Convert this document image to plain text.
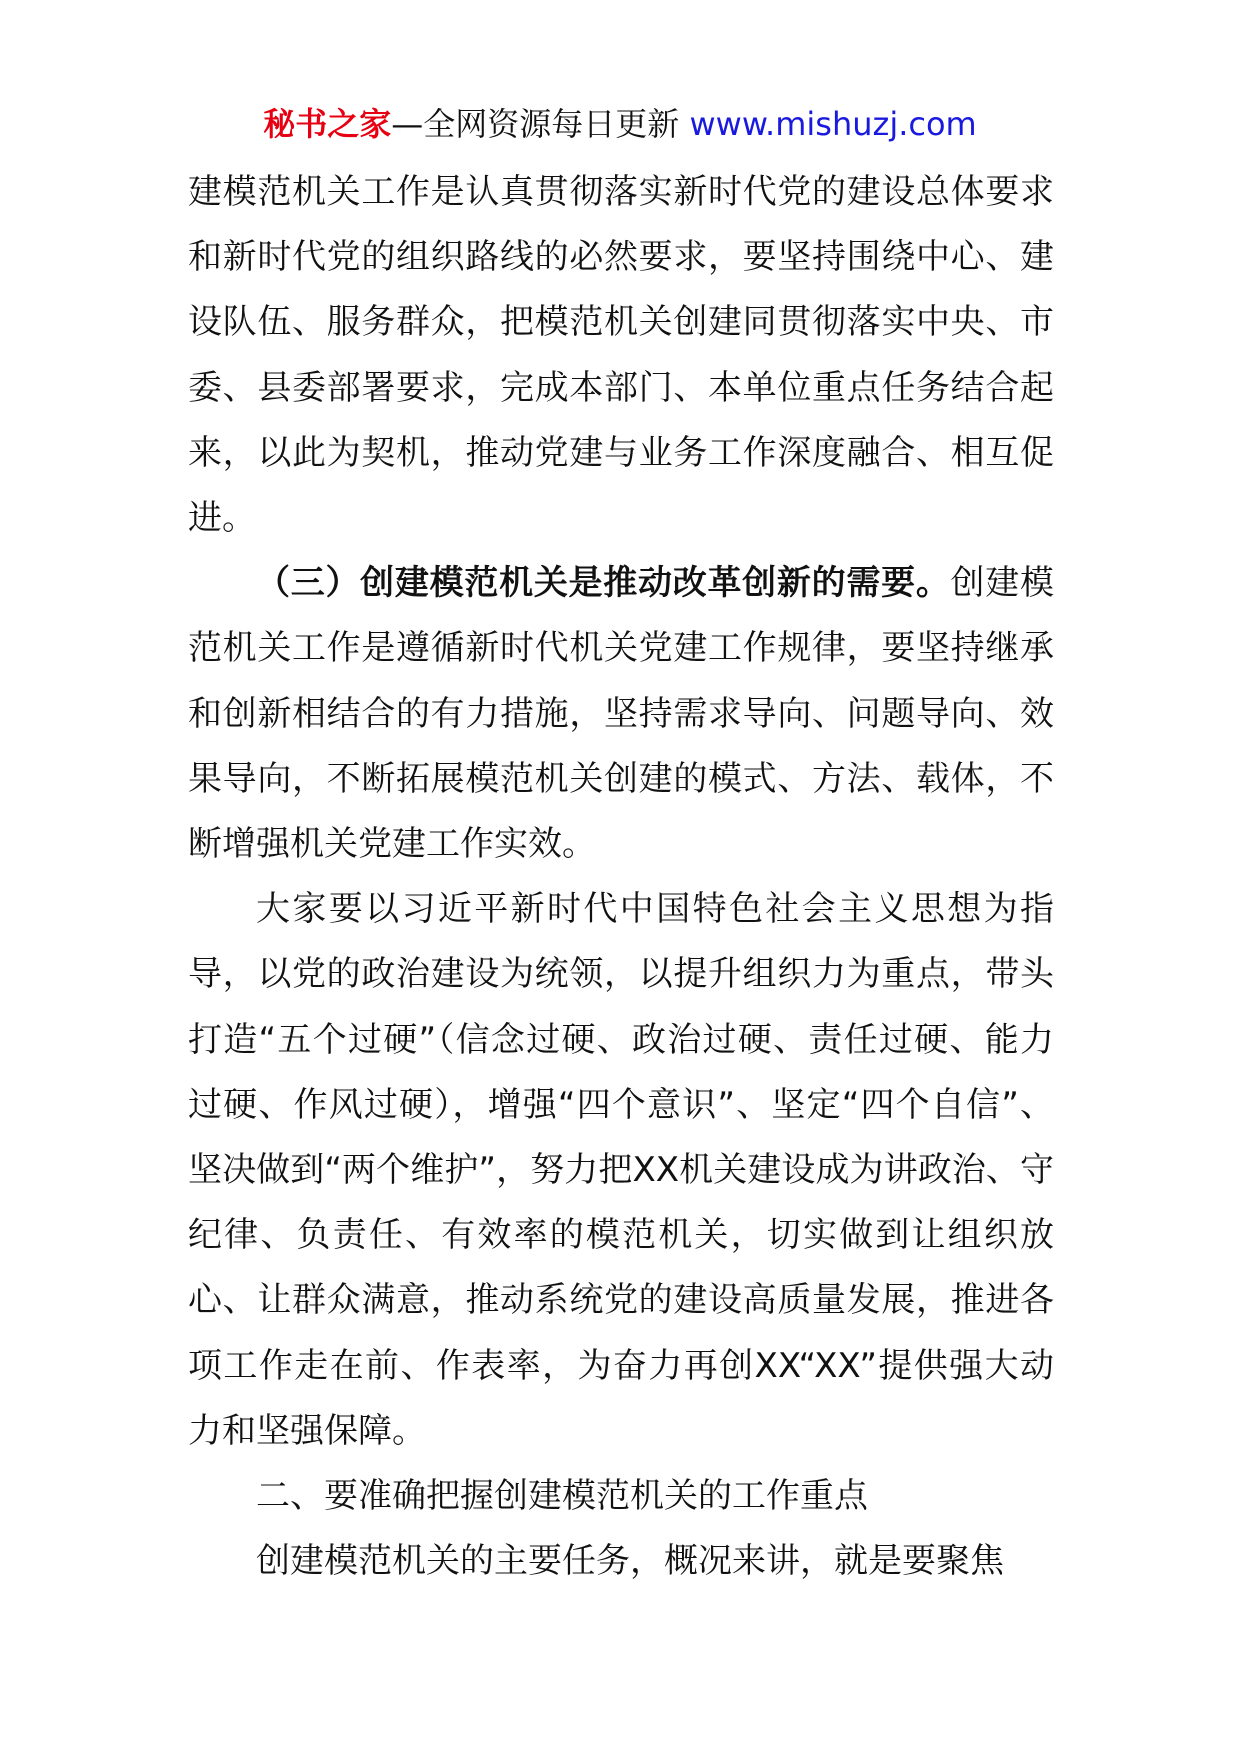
秘书之家—全网资源每日更新 www.mishuzj.com

建模范机关工作是认真贯彻落实新时代党的建设总体要求和新时代党的组织路线的必然要求，要坚持围绕中心、建设队伍、服务群众，把模范机关创建同贯彻落实中央、市委、县委部署要求，完成本部门、本单位重点任务结合起来，以此为契机，推动党建与业务工作深度融合、相互促进。

（三）创建模范机关是推动改革创新的需要。创建模范机关工作是遵循新时代机关党建工作规律，要坚持继承和创新相结合的有力措施，坚持需求导向、问题导向、效果导向，不断拓展模范机关创建的模式、方法、载体，不断增强机关党建工作实效。

大家要以习近平新时代中国特色社会主义思想为指导，以党的政治建设为统领，以提升组织力为重点，带头打造“五个过硬”（信念过硬、政治过硬、责任过硬、能力过硬、作风过硬），增强“四个意识”、坚定“四个自信”、坚决做到“两个维护”，努力把XX机关建设成为讲政治、守纪律、负责任、有效率的模范机关，切实做到让组织放心、让群众满意，推动系统党的建设高质量发展，推进各项工作走在前、作表率，为奋力再创XX“XX”提供强大动力和坚强保障。

二、要准确把握创建模范机关的工作重点

创建模范机关的主要任务，概况来讲，就是要聚焦
